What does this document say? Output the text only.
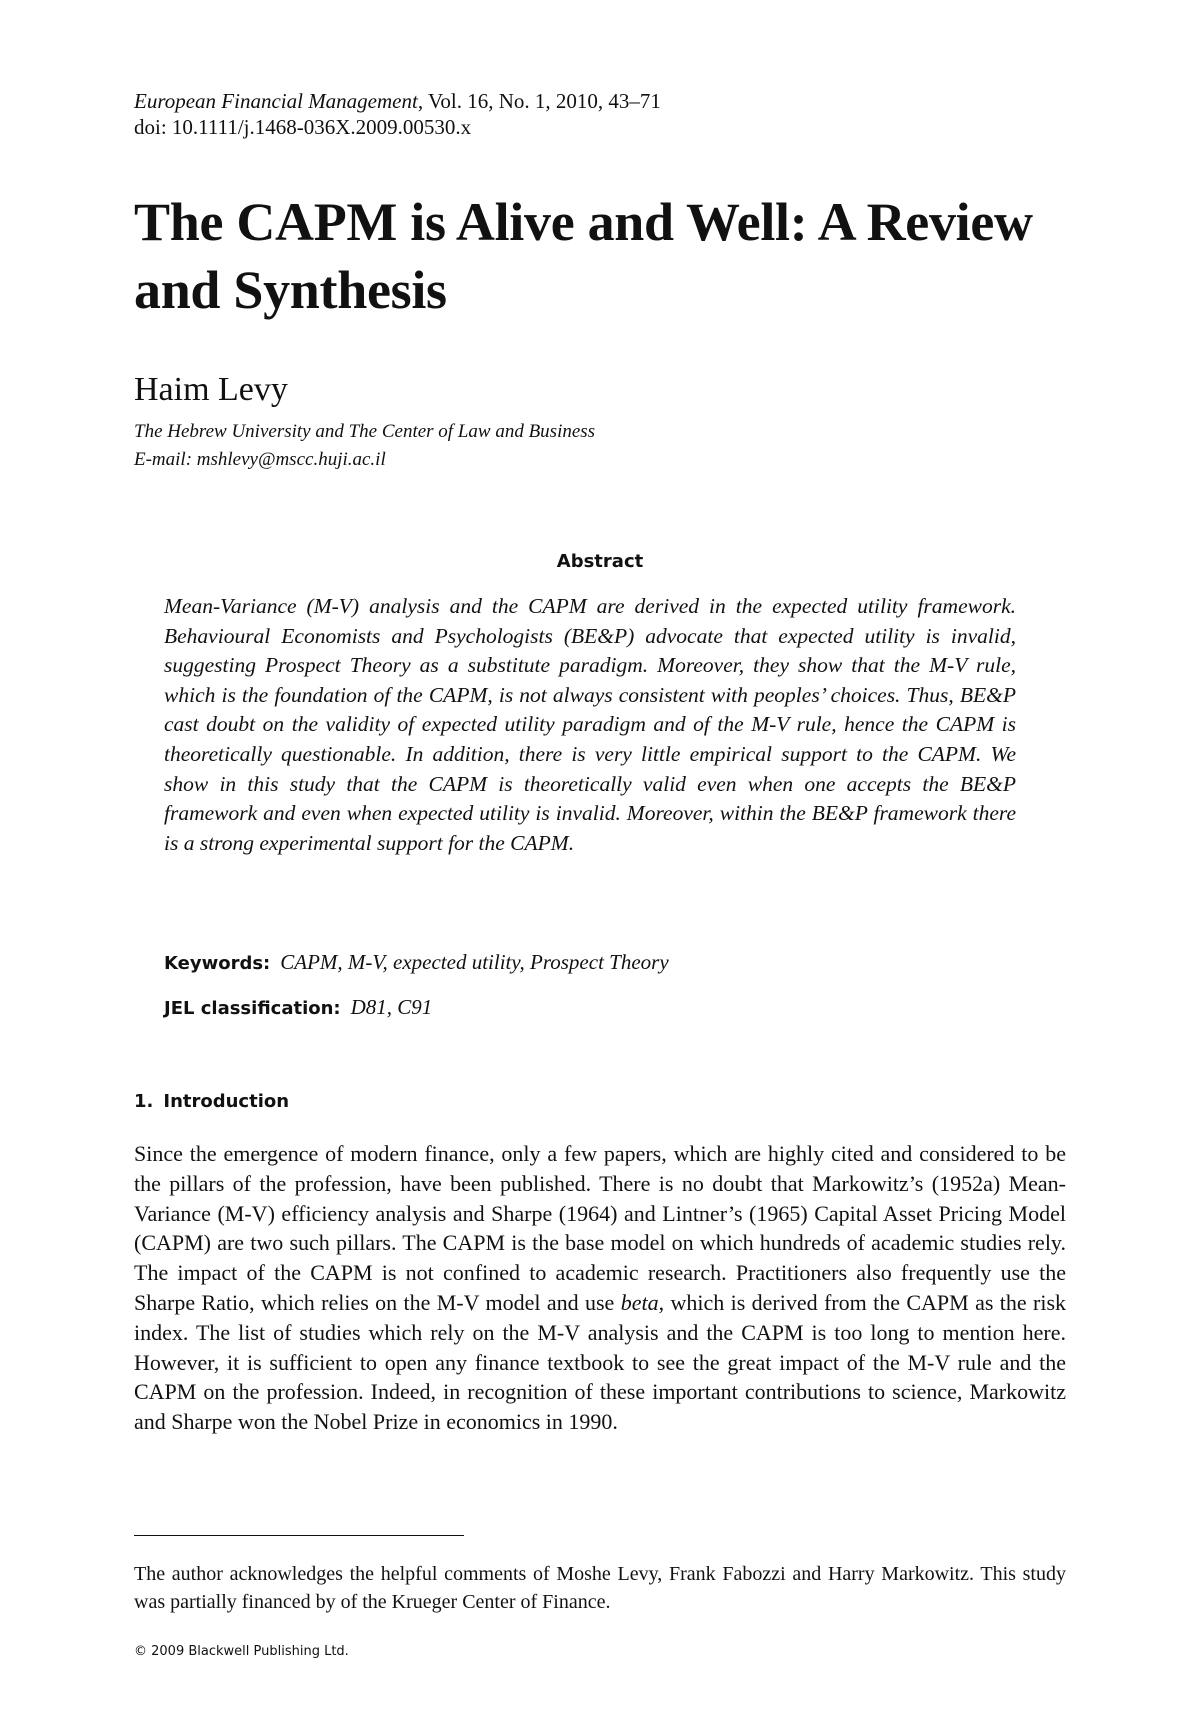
European Financial Management, Vol. 16, No. 1, 2010, 43–71
doi: 10.1111/j.1468-036X.2009.00530.x
The CAPM is Alive and Well: A Review and Synthesis
Haim Levy
The Hebrew University and The Center of Law and Business
E-mail: mshlevy@mscc.huji.ac.il
Abstract

Mean-Variance (M-V) analysis and the CAPM are derived in the expected utility framework. Behavioural Economists and Psychologists (BE&P) advocate that expected utility is invalid, suggesting Prospect Theory as a substitute paradigm. Moreover, they show that the M-V rule, which is the foundation of the CAPM, is not always consistent with peoples’ choices. Thus, BE&P cast doubt on the validity of expected utility paradigm and of the M-V rule, hence the CAPM is theoretically questionable. In addition, there is very little empirical support to the CAPM. We show in this study that the CAPM is theoretically valid even when one accepts the BE&P framework and even when expected utility is invalid. Moreover, within the BE&P framework there is a strong experimental support for the CAPM.

Keywords: CAPM, M-V, expected utility, Prospect Theory
JEL classification: D81, C91
1. Introduction

Since the emergence of modern finance, only a few papers, which are highly cited and considered to be the pillars of the profession, have been published. There is no doubt that Markowitz’s (1952a) Mean-Variance (M-V) efficiency analysis and Sharpe (1964) and Lintner’s (1965) Capital Asset Pricing Model (CAPM) are two such pillars. The CAPM is the base model on which hundreds of academic studies rely. The impact of the CAPM is not confined to academic research. Practitioners also frequently use the Sharpe Ratio, which relies on the M-V model and use beta, which is derived from the CAPM as the risk index. The list of studies which rely on the M-V analysis and the CAPM is too long to mention here. However, it is sufficient to open any finance textbook to see the great impact of the M-V rule and the CAPM on the profession. Indeed, in recognition of these important contributions to science, Markowitz and Sharpe won the Nobel Prize in economics in 1990.

The author acknowledges the helpful comments of Moshe Levy, Frank Fabozzi and Harry Markowitz. This study was partially financed by of the Krueger Center of Finance.

© 2009 Blackwell Publishing Ltd.
